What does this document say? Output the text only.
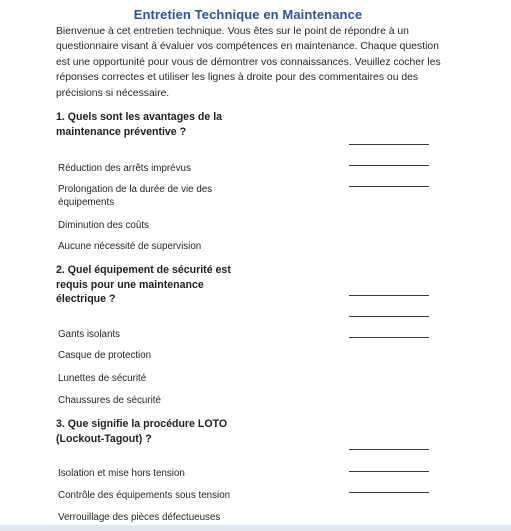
Entretien Technique en Maintenance
Bienvenue à cet entretien technique. Vous êtes sur le point de répondre à un questionnaire visant à évaluer vos compétences en maintenance. Chaque question est une opportunité pour vous de démontrer vos connaissances. Veuillez cocher les réponses correctes et utiliser les lignes à droite pour des commentaires ou des précisions si nécessaire.
1. Quels sont les avantages de la maintenance préventive ?
Réduction des arrêts imprévus
Prolongation de la durée de vie des équipements
Diminution des coûts
Aucune nécessité de supervision
2. Quel équipement de sécurité est requis pour une maintenance électrique ?
Gants isolants
Casque de protection
Lunettes de sécurité
Chaussures de sécurité
3. Que signifie la procédure LOTO (Lockout-Tagout) ?
Isolation et mise hors tension
Contrôle des équipements sous tension
Verrouillage des pièces défectueuses
